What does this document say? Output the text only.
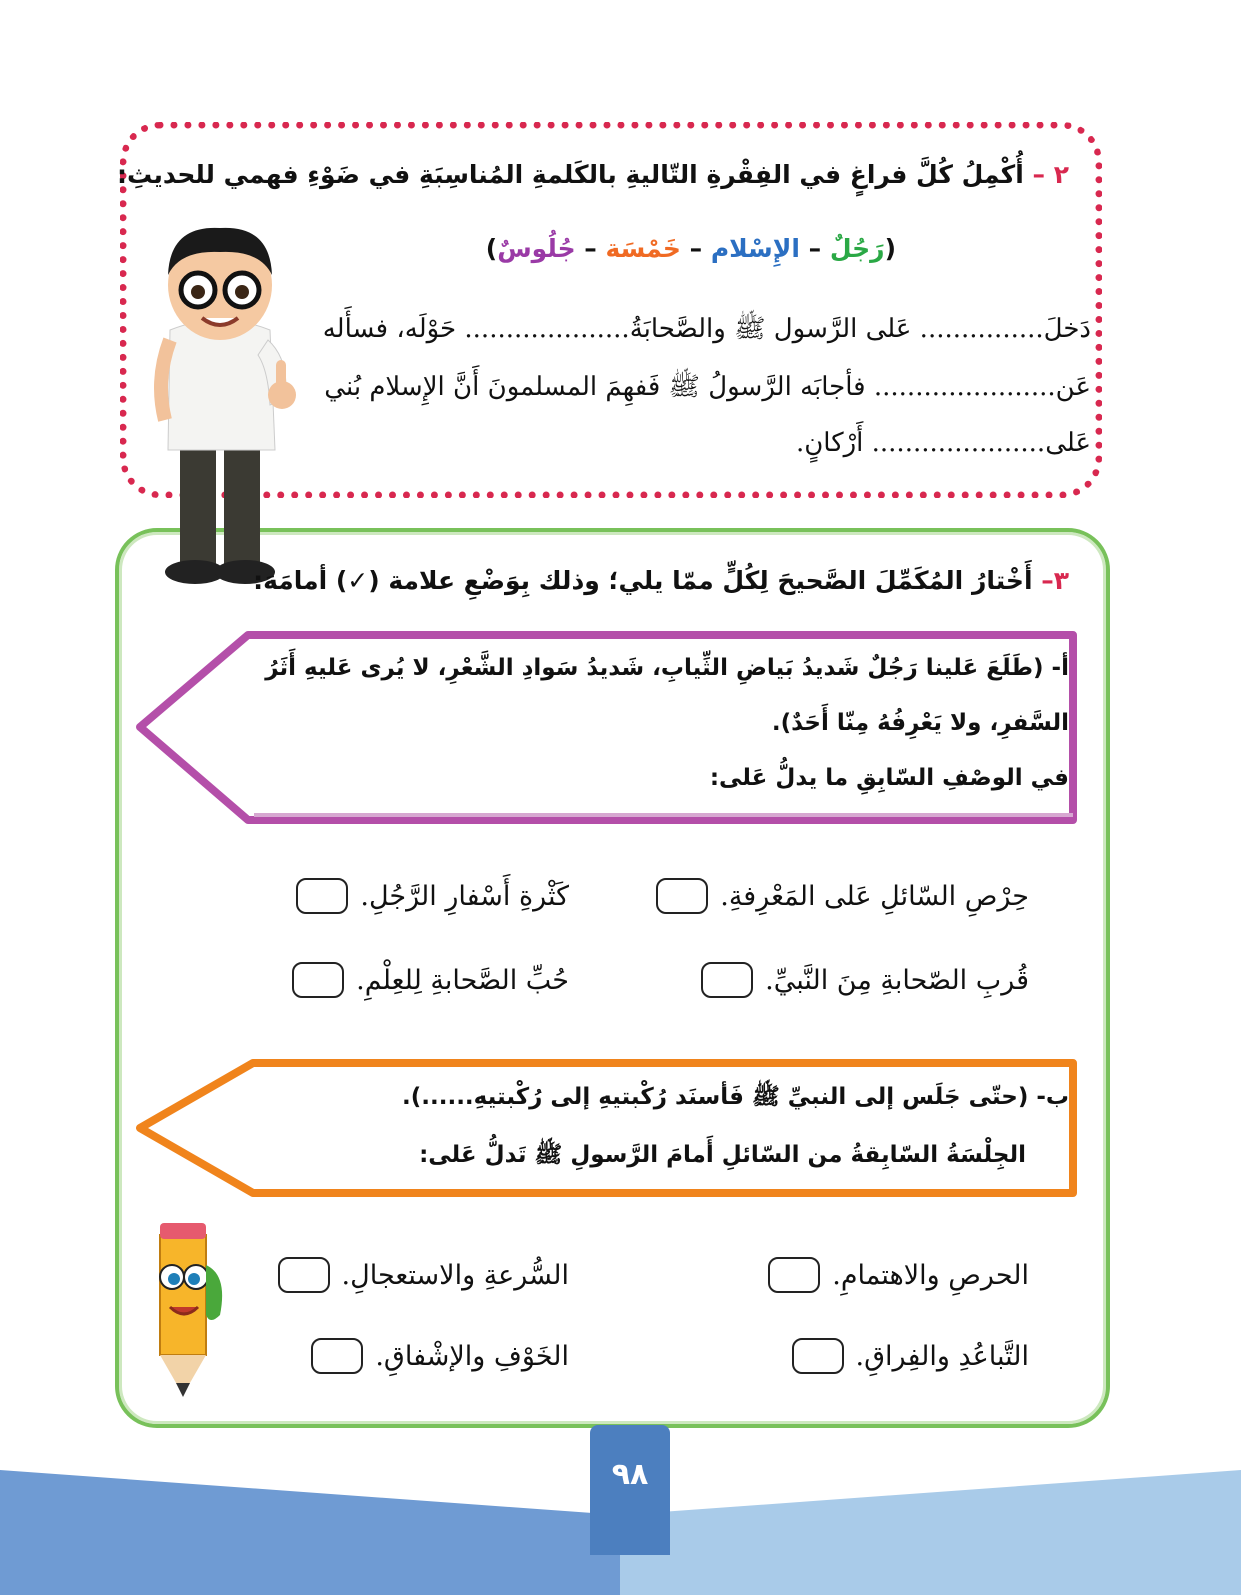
٢ – أُكْمِلُ كُلَّ فراغٍ في الفِقْرةِ التّاليةِ بالكَلمةِ المُناسِبَةِ في ضَوْءِ فهمي للحديثِ:
(رَجُلٌ – الإِسْلام – خَمْسَة – جُلُوسٌ)
دَخلَ............... عَلى الرَّسول ﷺ والصَّحابَةُ.................... حَوْلَه، فسأَله
عَن...................... فأجابَه الرَّسولُ ﷺ فَفهِمَ المسلمونَ أَنَّ الإِسلام بُني
عَلى..................... أَرْكانٍ.
٣– أَخْتارُ المُكَمِّلَ الصَّحيحَ لِكُلٍّ ممّا يلي؛ وذلك بِوَضْعِ علامة (✓) أمامَهَ:
أ- (طَلَعَ عَلينا رَجُلٌ شَديدُ بَياضِ الثِّيابِ، شَديدُ سَوادِ الشَّعْرِ، لا يُرى عَليهِ أَثَرُ
السَّفرِ، ولا يَعْرِفُهُ مِنّا أَحَدٌ).
في الوصْفِ السّابِقِ ما يدلُّ عَلى:
حِرْصِ السّائلِ عَلى المَعْرِفةِ.
كَثْرةِ أَسْفارِ الرَّجُلِ.
قُربِ الصّحابةِ مِنَ النَّبيِّ.
حُبِّ الصَّحابةِ لِلعِلْمِ.
ب- (حتّى جَلَس إلى النبيِّ ﷺ فَأسنَد رُكْبتيهِ إلى رُكْبتيهِ......).
الجِلْسَةُ السّابِقةُ من السّائلِ أَمامَ الرَّسولِ ﷺ تَدلُّ عَلى:
الحرصِ والاهتمامِ.
السُّرعةِ والاستعجالِ.
التَّباعُدِ والفِراقِ.
الخَوْفِ والإشْفاقِ.
٩٨
